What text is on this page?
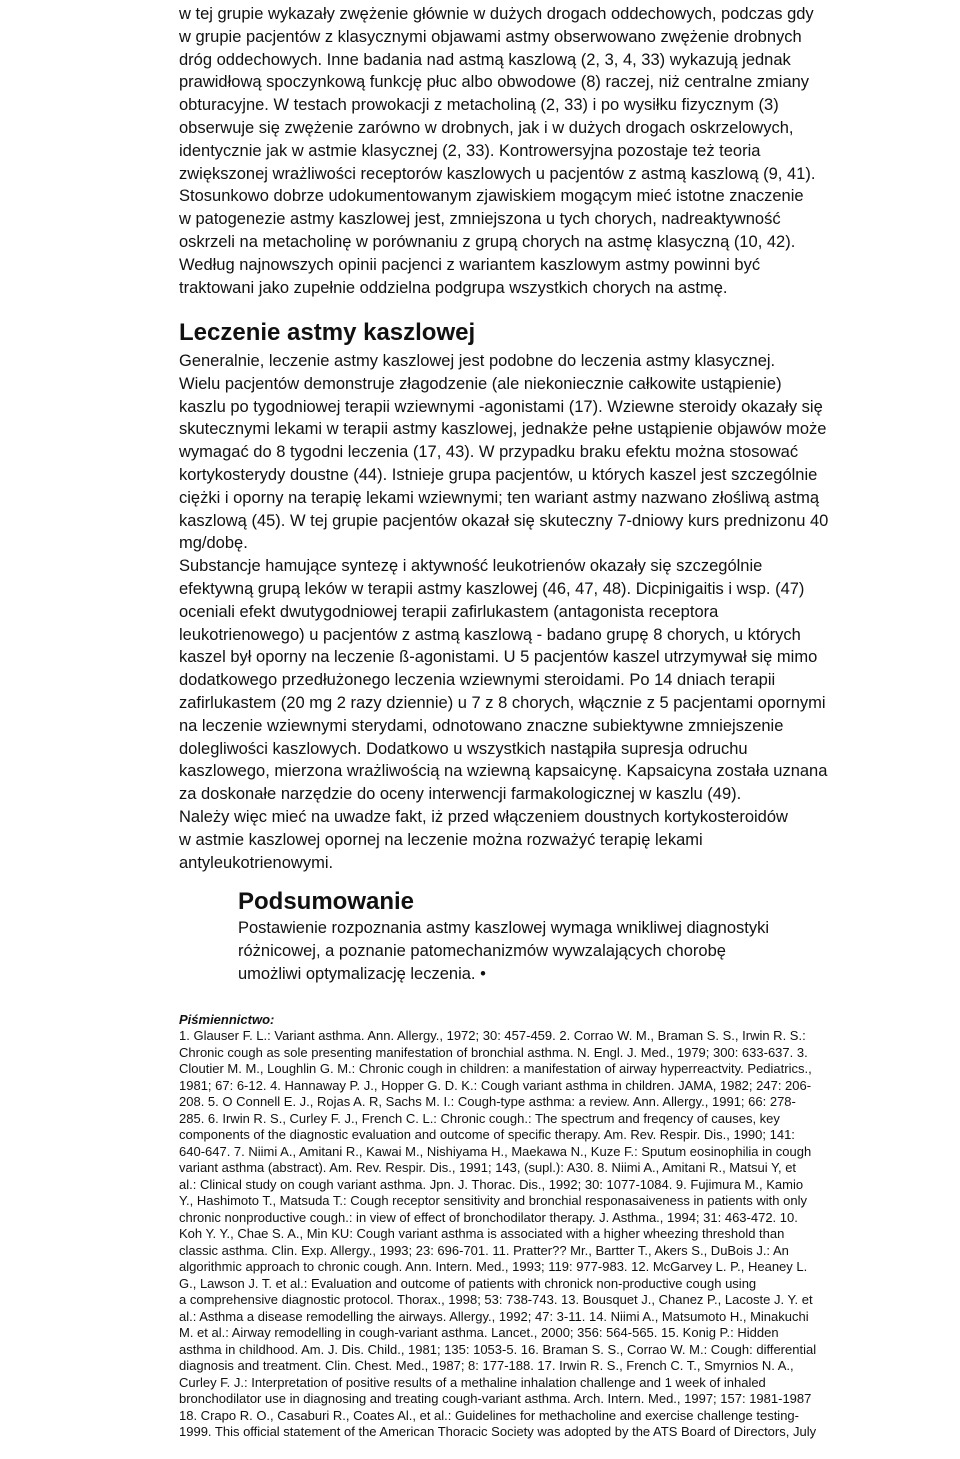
w tej grupie wykazały zwężenie głównie w dużych drogach oddechowych, podczas gdy
w grupie pacjentów z klasycznymi objawami astmy obserwowano zwężenie drobnych
dróg oddechowych. Inne badania nad astmą kaszlową (2, 3, 4, 33) wykazują jednak
prawidłową spoczynkową funkcję płuc albo obwodowe (8) raczej, niż centralne zmiany
obturacyjne. W testach prowokacji z metacholiną (2, 33) i po wysiłku fizycznym (3)
obserwuje się zwężenie zarówno w drobnych, jak i w dużych drogach oskrzelowych,
identycznie jak w astmie klasycznej (2, 33). Kontrowersyjna pozostaje też teoria
zwiększonej wrażliwości receptorów kaszlowych u pacjentów z astmą kaszlową (9, 41).
Stosunkowo dobrze udokumentowanym zjawiskiem mogącym mieć istotne znaczenie
w patogenezie astmy kaszlowej jest, zmniejszona u tych chorych, nadreaktywność
oskrzeli na metacholinę w porównaniu z grupą chorych na astmę klasyczną (10, 42).
Według najnowszych opinii pacjenci z wariantem kaszlowym astmy powinni być
traktowani jako zupełnie oddzielna podgrupa wszystkich chorych na astmę.

Leczenie astmy kaszlowej

Generalnie, leczenie astmy kaszlowej jest podobne do leczenia astmy klasycznej.
Wielu pacjentów demonstruje złagodzenie (ale niekoniecznie całkowite ustąpienie)
kaszlu po tygodniowej terapii wziewnymi -agonistami (17). Wziewne steroidy okazały się
skutecznymi lekami w terapii astmy kaszlowej, jednakże pełne ustąpienie objawów może
wymagać do 8 tygodni leczenia (17, 43). W przypadku braku efektu można stosować
kortykosterydy doustne (44). Istnieje grupa pacjentów, u których kaszel jest szczególnie
ciężki i oporny na terapię lekami wziewnymi; ten wariant astmy nazwano złośliwą astmą
kaszlową (45). W tej grupie pacjentów okazał się skuteczny 7-dniowy kurs prednizonu 40
mg/dobę.
Substancje hamujące syntezę i aktywność leukotrienów okazały się szczególnie
efektywną grupą leków w terapii astmy kaszlowej (46, 47, 48). Dicpinigaitis i wsp. (47)
oceniali efekt dwutygodniowej terapii zafirlukastem (antagonista receptora
leukotrienowego) u pacjentów z astmą kaszlową - badano grupę 8 chorych, u których
kaszel był oporny na leczenie ß-agonistami. U 5 pacjentów kaszel utrzymywał się mimo
dodatkowego przedłużonego leczenia wziewnymi steroidami. Po 14 dniach terapii
zafirlukastem (20 mg 2 razy dziennie) u 7 z 8 chorych, włącznie z 5 pacjentami opornymi
na leczenie wziewnymi sterydami, odnotowano znaczne subiektywne zmniejszenie
dolegliwości kaszlowych. Dodatkowo u wszystkich nastąpiła supresja odruchu
kaszlowego, mierzona wrażliwością na wziewną kapsaicynę. Kapsaicyna została uznana
za doskonałe narzędzie do oceny interwencji farmakologicznej w kaszlu (49).
Należy więc mieć na uwadze fakt, iż przed włączeniem doustnych kortykosteroidów
w astmie kaszlowej opornej na leczenie można rozważyć terapię lekami
antyleukotrienowymi.

Podsumowanie

Postawienie rozpoznania astmy kaszlowej wymaga wnikliwej diagnostyki
różnicowej, a poznanie patomechanizmów wywzalających chorobę
umożliwi optymalizację leczenia. •

Piśmiennictwo:

1. Glauser F. L.: Variant asthma. Ann. Allergy., 1972; 30: 457-459. 2. Corrao W. M., Braman S. S., Irwin R. S.:
Chronic cough as sole presenting manifestation of bronchial asthma. N. Engl. J. Med., 1979; 300: 633-637. 3.
Cloutier M. M., Loughlin G. M.: Chronic cough in children: a manifestation of airway hyperreactvity. Pediatrics.,
1981; 67: 6-12. 4. Hannaway P. J., Hopper G. D. K.: Cough variant asthma in children. JAMA, 1982; 247: 206-
208. 5. O Connell E. J., Rojas A. R, Sachs M. I.: Cough-type asthma: a review. Ann. Allergy., 1991; 66: 278-
285. 6. Irwin R. S., Curley F. J., French C. L.: Chronic cough.: The spectrum and freqency of causes, key
components of the diagnostic evaluation and outcome of specific therapy. Am. Rev. Respir. Dis., 1990; 141:
640-647. 7. Niimi A., Amitani R., Kawai M., Nishiyama H., Maekawa N., Kuze F.: Sputum eosinophilia in cough
variant asthma (abstract). Am. Rev. Respir. Dis., 1991; 143, (supl.): A30. 8. Niimi A., Amitani R., Matsui Y, et
al.: Clinical study on cough variant asthma. Jpn. J. Thorac. Dis., 1992; 30: 1077-1084. 9. Fujimura M., Kamio
Y., Hashimoto T., Matsuda T.: Cough receptor sensitivity and bronchial responasaiveness in patients with only
chronic nonproductive cough.: in view of effect of bronchodilator therapy. J. Asthma., 1994; 31: 463-472. 10.
Koh Y. Y., Chae S. A., Min KU: Cough variant asthma is associated with a higher wheezing threshold than
classic asthma. Clin. Exp. Allergy., 1993; 23: 696-701. 11. Pratter?? Mr., Bartter T., Akers S., DuBois J.: An
algorithmic approach to chronic cough. Ann. Intern. Med., 1993; 119: 977-983. 12. McGarvey L. P., Heaney L.
G., Lawson J. T. et al.: Evaluation and outcome of patients with chronick non-productive cough using
a comprehensive diagnostic protocol. Thorax., 1998; 53: 738-743. 13. Bousquet J., Chanez P., Lacoste J. Y. et
al.: Asthma a disease remodelling the airways. Allergy., 1992; 47: 3-11. 14. Niimi A., Matsumoto H., Minakuchi
M. et al.: Airway remodelling in cough-variant asthma. Lancet., 2000; 356: 564-565. 15. Konig P.: Hidden
asthma in childhood. Am. J. Dis. Child., 1981; 135: 1053-5. 16. Braman S. S., Corrao W. M.: Cough: differential
diagnosis and treatment. Clin. Chest. Med., 1987; 8: 177-188. 17. Irwin R. S., French C. T., Smyrnios N. A.,
Curley F. J.: Interpretation of positive results of a methaline inhalation challenge and 1 week of inhaled
bronchodilator use in diagnosing and treating cough-variant asthma. Arch. Intern. Med., 1997; 157: 1981-1987
18. Crapo R. O., Casaburi R., Coates Al., et al.: Guidelines for methacholine and exercise challenge testing-
1999. This official statement of the American Thoracic Society was adopted by the ATS Board of Directors, July
